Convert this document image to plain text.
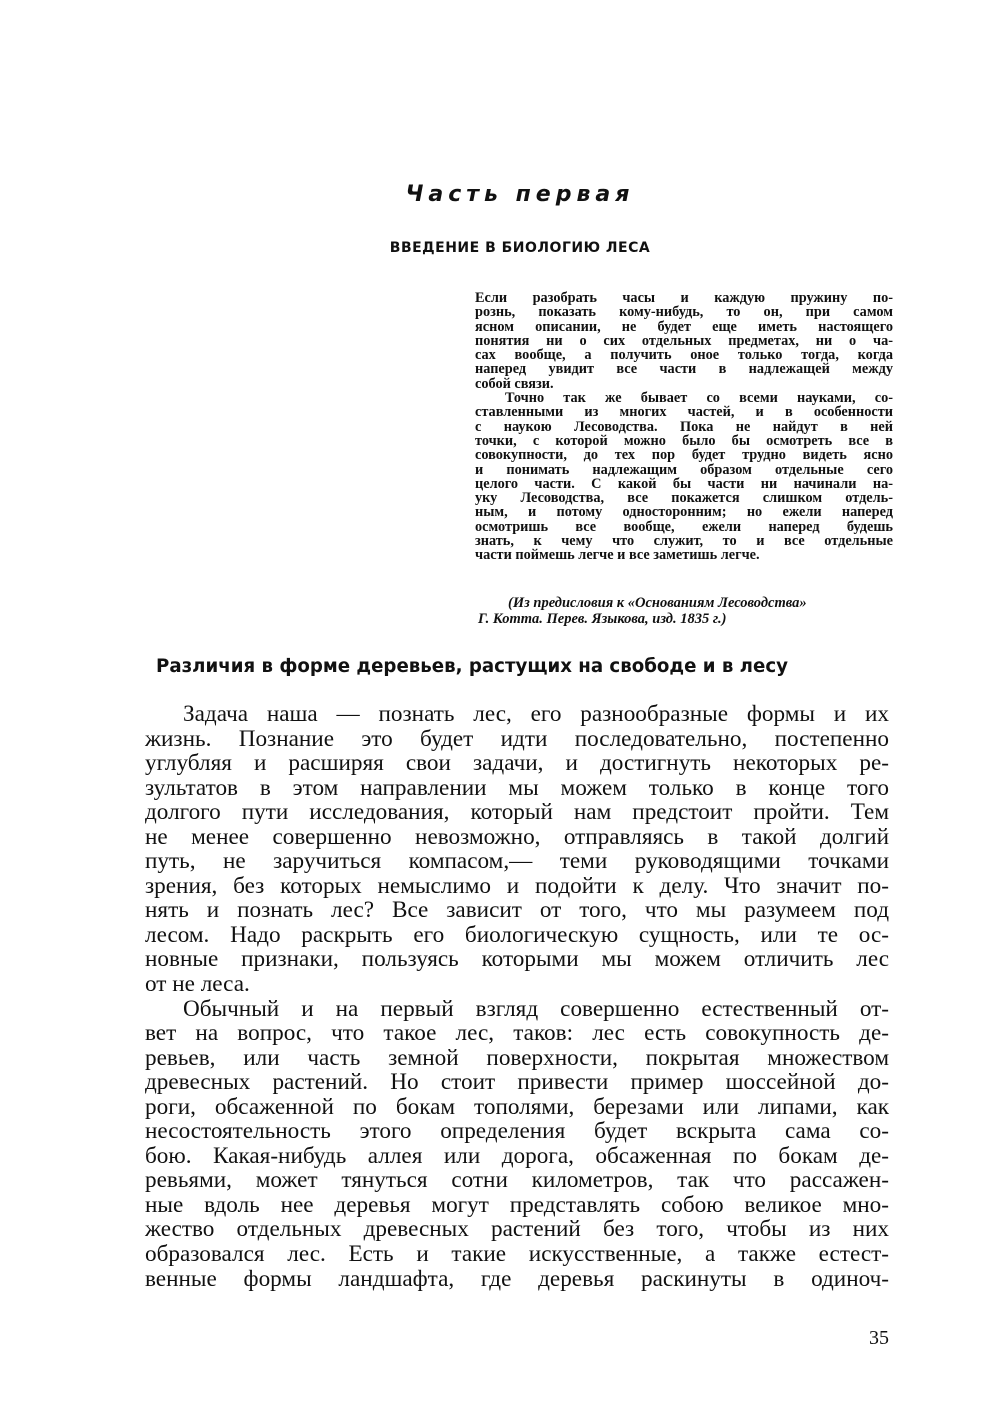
Часть первая
ВВЕДЕНИЕ В БИОЛОГИЮ ЛЕСА
Если разобрать часы и каждую пружину по-
рознь, показать кому-нибудь, то он, при самом
ясном описании, не будет еще иметь настоящего
понятия ни о сих отдельных предметах, ни о ча-
сах вообще, а получить оное только тогда, когда
наперед увидит все части в надлежащей между
собой связи.
Точно так же бывает со всеми науками, со-
ставленными из многих частей, и в особенности
с наукою Лесоводства. Пока не найдут в ней
точки, с которой можно было бы осмотреть все в
совокупности, до тех пор будет трудно видеть ясно
и понимать надлежащим образом отдельные сего
целого части. С какой бы части ни начинали на-
уку Лесоводства, все покажется слишком отдель-
ным, и потому односторонним; но ежели наперед
осмотришь все вообще, ежели наперед будешь
знать, к чему что служит, то и все отдельные
части поймешь легче и все заметишь легче.
(Из предисловия к «Основаниям Лесоводства»
Г. Котта. Перев. Языкова, изд. 1835 г.)
Различия в форме деревьев, растущих на свободе и в лесу
Задача наша — познать лес, его разнообразные формы и их
жизнь. Познание это будет идти последовательно, постепенно
углубляя и расширяя свои задачи, и достигнуть некоторых ре-
зультатов в этом направлении мы можем только в конце того
долгого пути исследования, который нам предстоит пройти. Тем
не менее совершенно невозможно, отправляясь в такой долгий
путь, не заручиться компасом,— теми руководящими точками
зрения, без которых немыслимо и подойти к делу. Что значит по-
нять и познать лес? Все зависит от того, что мы разумеем под
лесом. Надо раскрыть его биологическую сущность, или те ос-
новные признаки, пользуясь которыми мы можем отличить лес
от не леса.
Обычный и на первый взгляд совершенно естественный от-
вет на вопрос, что такое лес, таков: лес есть совокупность де-
ревьев, или часть земной поверхности, покрытая множеством
древесных растений. Но стоит привести пример шоссейной до-
роги, обсаженной по бокам тополями, березами или липами, как
несостоятельность этого определения будет вскрыта сама со-
бою. Какая-нибудь аллея или дорога, обсаженная по бокам де-
ревьями, может тянуться сотни километров, так что рассажен-
ные вдоль нее деревья могут представлять собою великое мно-
жество отдельных древесных растений без того, чтобы из них
образовался лес. Есть и такие искусственные, а также естест-
венные формы ландшафта, где деревья раскинуты в одиноч-
35
